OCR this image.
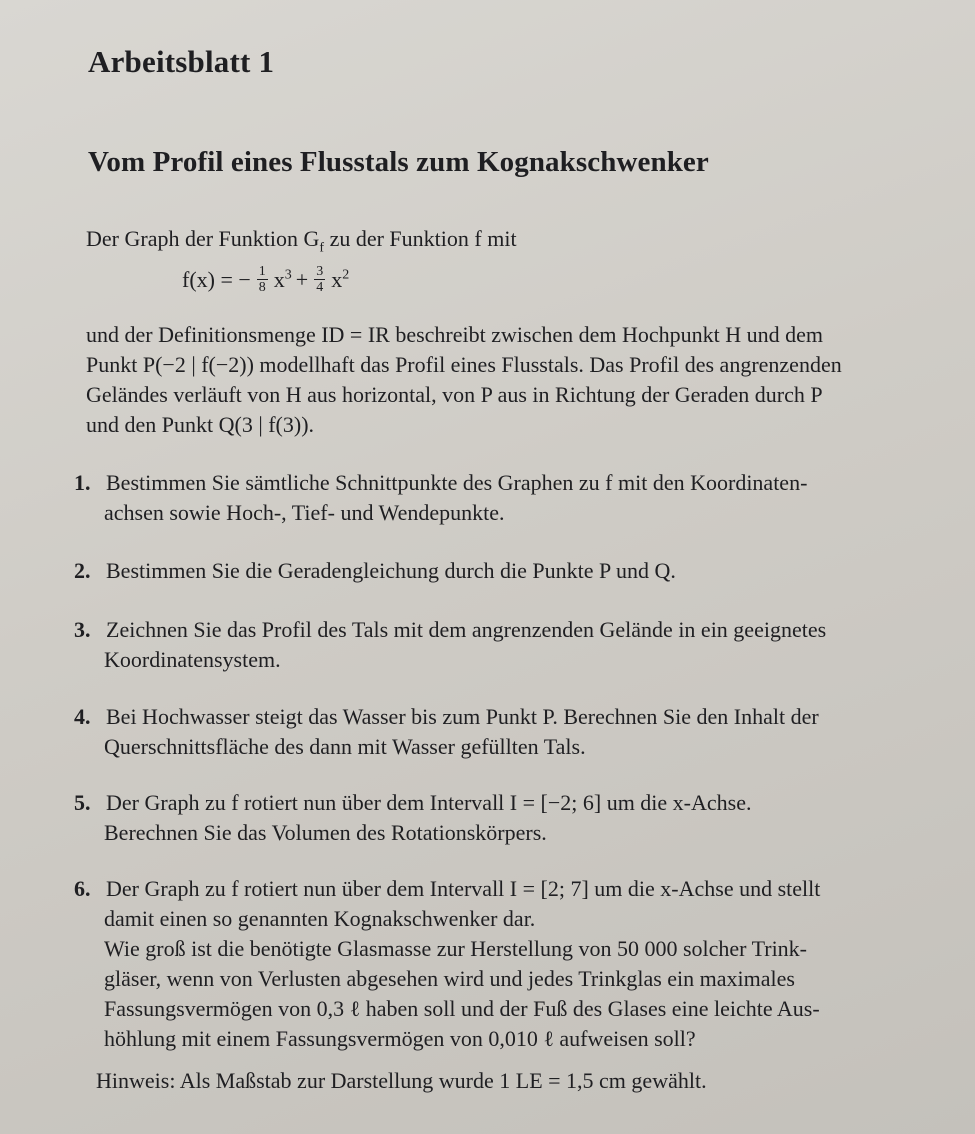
Arbeitsblatt 1
Vom Profil eines Flusstals zum Kognakschwenker
Der Graph der Funktion $G_f$ zu der Funktion f mit
f(x) = − $\frac{1}{8} x^3 + \frac{3}{4} x^2$
und der Definitionsmenge ID = IR beschreibt zwischen dem Hochpunkt H und dem
Punkt P(−2 | f(−2)) modellhaft das Profil eines Flusstals. Das Profil des angrenzenden
Geländes verläuft von H aus horizontal, von P aus in Richtung der Geraden durch P
und den Punkt Q(3 | f(3)).
1. Bestimmen Sie sämtliche Schnittpunkte des Graphen zu f mit den Koordinaten-
achsen sowie Hoch-, Tief- und Wendepunkte.
2. Bestimmen Sie die Geradengleichung durch die Punkte P und Q.
3. Zeichnen Sie das Profil des Tals mit dem angrenzenden Gelände in ein geeignetes
Koordinatensystem.
4. Bei Hochwasser steigt das Wasser bis zum Punkt P. Berechnen Sie den Inhalt der
Querschnittsfläche des dann mit Wasser gefüllten Tals.
5. Der Graph zu f rotiert nun über dem Intervall I = [−2; 6] um die x-Achse.
Berechnen Sie das Volumen des Rotationskörpers.
6. Der Graph zu f rotiert nun über dem Intervall I = [2; 7] um die x-Achse und stellt
damit einen so genannten Kognakschwenker dar.
Wie groß ist die benötigte Glasmasse zur Herstellung von 50 000 solcher Trink-
gläser, wenn von Verlusten abgesehen wird und jedes Trinkglas ein maximales
Fassungsvermögen von 0,3 ℓ haben soll und der Fuß des Glases eine leichte Aus-
höhlung mit einem Fassungsvermögen von 0,010 ℓ aufweisen soll?
Hinweis: Als Maßstab zur Darstellung wurde 1 LE = 1,5 cm gewählt.
